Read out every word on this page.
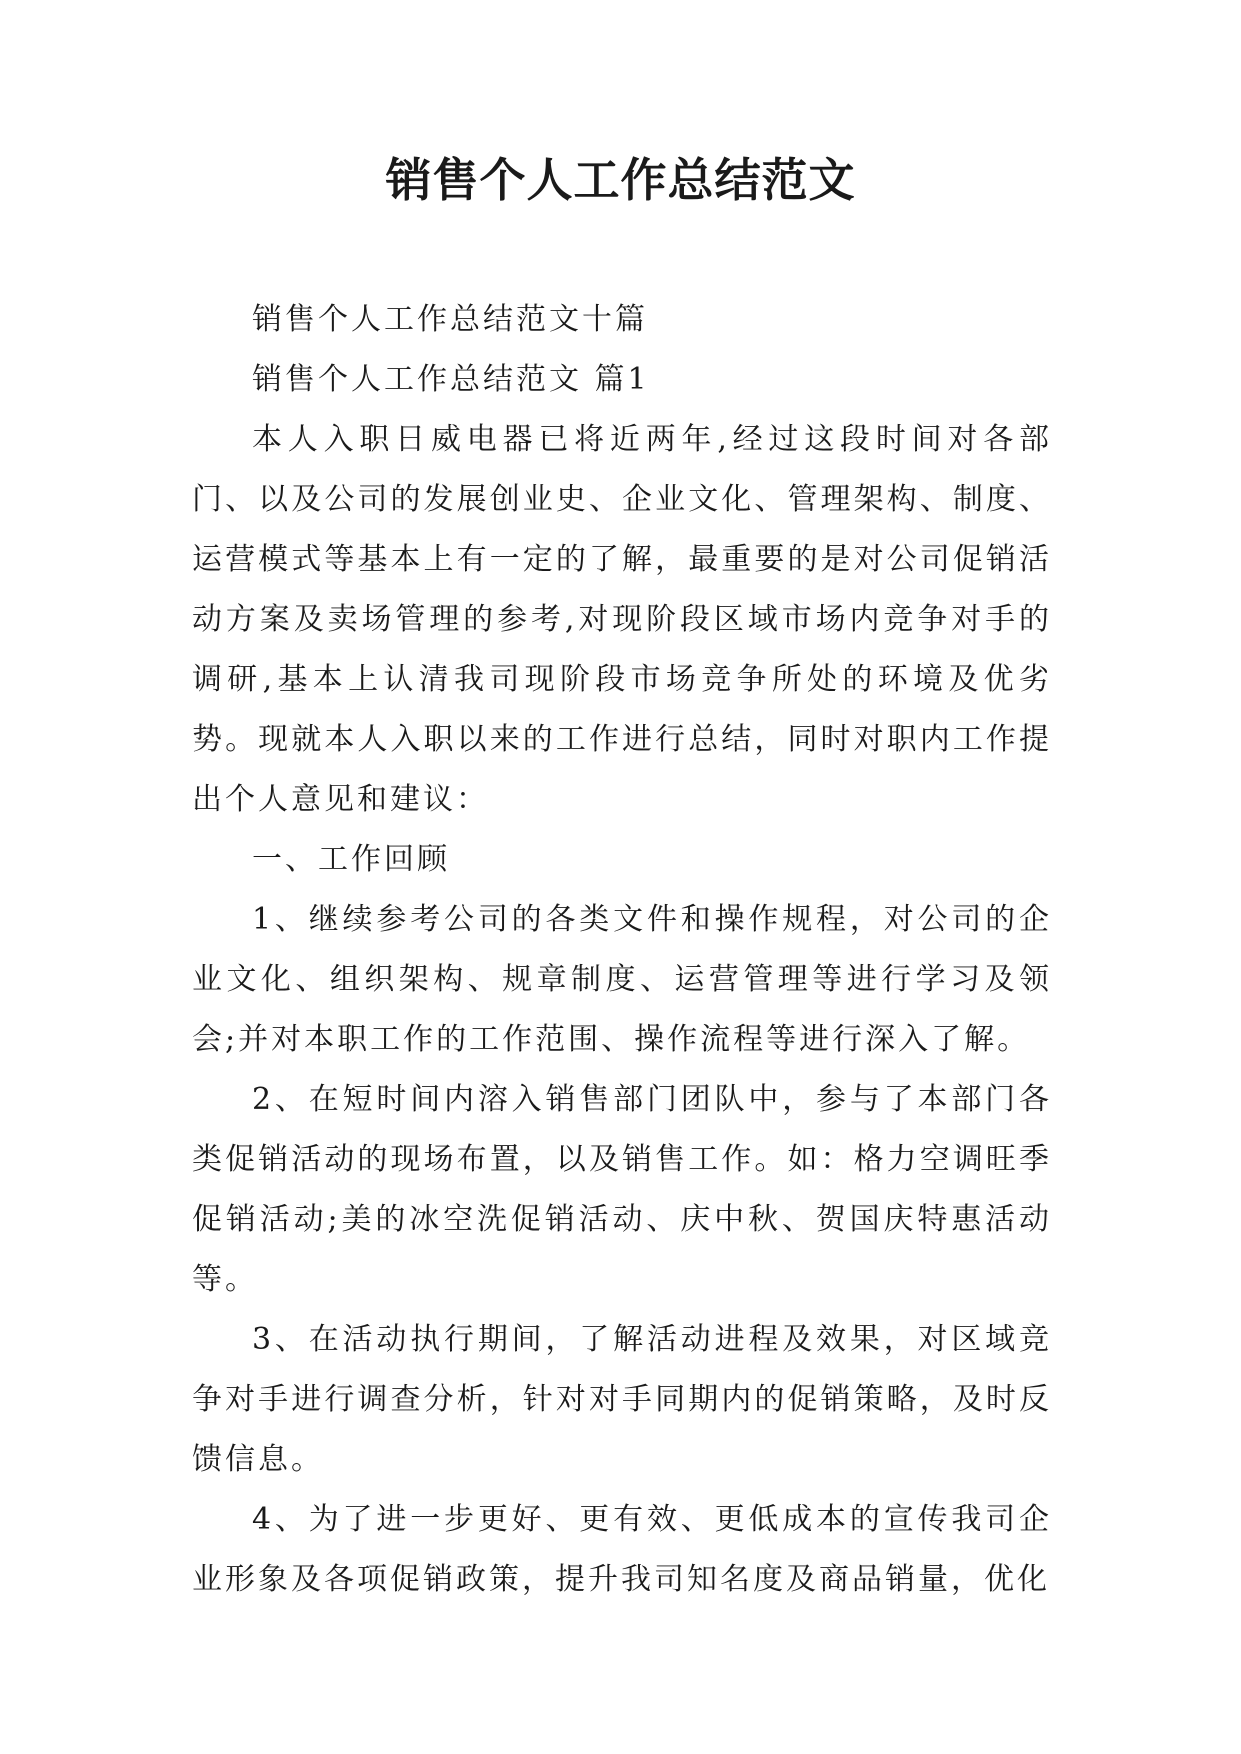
销售个人工作总结范文

销售个人工作总结范文十篇

销售个人工作总结范文 篇1

本人入职日威电器已将近两年,经过这段时间对各部门、以及公司的发展创业史、企业文化、管理架构、制度、运营模式等基本上有一定的了解，最重要的是对公司促销活动方案及卖场管理的参考,对现阶段区域市场内竞争对手的调研,基本上认清我司现阶段市场竞争所处的环境及优劣势。现就本人入职以来的工作进行总结，同时对职内工作提出个人意见和建议：

一、工作回顾

1、继续参考公司的各类文件和操作规程，对公司的企业文化、组织架构、规章制度、运营管理等进行学习及领会;并对本职工作的工作范围、操作流程等进行深入了解。

2、在短时间内溶入销售部门团队中，参与了本部门各类促销活动的现场布置，以及销售工作。如：格力空调旺季促销活动;美的冰空洗促销活动、庆中秋、贺国庆特惠活动等。

3、在活动执行期间，了解活动进程及效果，对区域竞争对手进行调查分析，针对对手同期内的促销策略，及时反馈信息。

4、为了进一步更好、更有效、更低成本的宣传我司企业形象及各项促销政策，提升我司知名度及商品销量，优化
